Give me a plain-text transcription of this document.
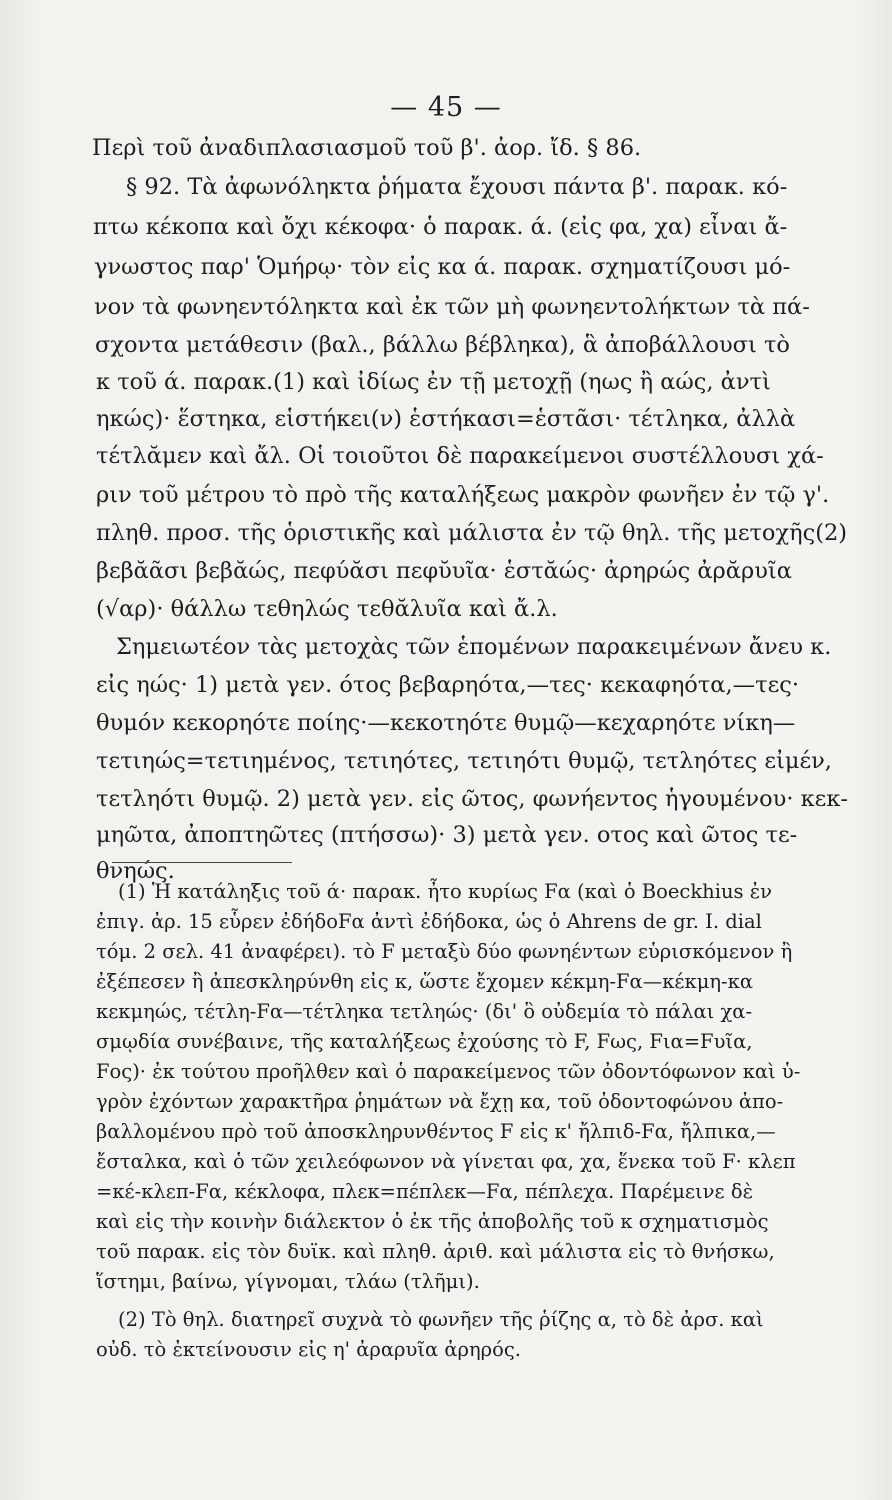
— 45 —
Περὶ τοῦ ἀναδιπλασιασμοῦ τοῦ β'. ἀορ. ἴδ. § 86.
§ 92. Τὰ ἀφωνόληκτα ῥήματα ἔχουσι πάντα β'. παρακ. κό-
πτω κέκοπα καὶ ὄχι κέκοφα· ὁ παρακ. ά. (εἰς φα, χα) εἶναι ἄ-
γνωστος παρ' Ὁμήρῳ· τὸν εἰς κα ά. παρακ. σχηματίζουσι μό-
νον τὰ φωνηεντόληκτα καὶ ἐκ τῶν μὴ φωνηεντολήκτων τὰ πά-
σχοντα μετάθεσιν (βαλ., βάλλω βέβληκα), ἃ ἀποβάλλουσι τὸ
κ τοῦ ά. παρακ.(1) καὶ ἰδίως ἐν τῇ μετοχῇ (ηως ἢ αώς, ἀντὶ
ηκώς)· ἕστηκα, εἱστήκει(ν) ἑστήκασι=ἑστᾶσι· τέτληκα, ἀλλὰ
τέτλᾰμεν καὶ ἄλ. Οἱ τοιοῦτοι δὲ παρακείμενοι συστέλλουσι χά-
ριν τοῦ μέτρου τὸ πρὸ τῆς καταλήξεως μακρὸν φωνῆεν ἐν τῷ γ'.
πληθ. προσ. τῆς ὁριστικῆς καὶ μάλιστα ἐν τῷ θηλ. τῆς μετοχῆς(2)
βεβᾰᾶσι βεβᾰώς, πεφύᾰσι πεφῠυῖα· ἑστᾰώς· ἀρηρώς ἀρᾰρυῖα
(√αρ)· θάλλω τεθηλώς τεθᾰλυῖα καὶ ἄ.λ.
Σημειωτέον τὰς μετοχὰς τῶν ἑπομένων παρακειμένων ἄνευ κ.
εἰς ηώς· 1) μετὰ γεν. ότος βεβαρηότα,—τες· κεκαφηότα,—τες·
θυμόν κεκορηότε ποίης·—κεκοτηότε θυμῷ—κεχαρηότε νίκη—
τετιηώς=τετιημένος, τετιηότες, τετιηότι θυμῷ, τετληότες εἰμέν,
τετληότι θυμῷ. 2) μετὰ γεν. εἰς ῶτος, φωνήεντος ἡγουμένου· κεκ-
μηῶτα, ἀποπτηῶτες (πτήσσω)· 3) μετὰ γεν. οτος καὶ ῶτος τε-
θνηώς.
(1) Ἡ κατάληξις τοῦ ά· παρακ. ἦτο κυρίως Fα (καὶ ὁ Boeckhius ἐν
ἐπιγ. ἀρ. 15 εὗρεν ἐδήδοFα ἀντὶ ἐδήδοκα, ὡς ὁ Ahrens de gr. I. dial
τόμ. 2 σελ. 41 ἀναφέρει). τὸ F μεταξὺ δύο φωνηέντων εὑρισκόμενον ἢ
ἐξέπεσεν ἢ ἀπεσκληρύνθη εἰς κ, ὥστε ἔχομεν κέκμη-Fα—κέκμη-κα
κεκμηώς, τέτλη-Fα—τέτληκα τετληώς· (δι' ὃ οὐδεμία τὸ πάλαι χα-
σμῳδία συνέβαινε, τῆς καταλήξεως ἐχούσης τὸ F, Fως, Fια=Fυῖα,
Fος)· ἐκ τούτου προῆλθεν καὶ ὁ παρακείμενος τῶν ὀδοντόφωνον καὶ ὑ-
γρὸν ἐχόντων χαρακτῆρα ῥημάτων νὰ ἔχῃ κα, τοῦ ὀδοντοφώνου ἀπο-
βαλλομένου πρὸ τοῦ ἀποσκληρυνθέντος F εἰς κ' ἤλπιδ-Fα, ἤλπικα,—
ἔσταλκα, καὶ ὁ τῶν χειλεόφωνον νὰ γίνεται φα, χα, ἕνεκα τοῦ F· κλεπ
=κέ-κλεπ-Fα, κέκλοφα, πλεκ=πέπλεκ—Fα, πέπλεχα. Παρέμεινε δὲ
καὶ εἰς τὴν κοινὴν διάλεκτον ὁ ἐκ τῆς ἀποβολῆς τοῦ κ σχηματισμὸς
τοῦ παρακ. εἰς τὸν δυϊκ. καὶ πληθ. ἀριθ. καὶ μάλιστα εἰς τὸ θνήσκω,
ἵστημι, βαίνω, γίγνομαι, τλάω (τλῆμι).
(2) Τὸ θηλ. διατηρεῖ συχνὰ τὸ φωνῆεν τῆς ῥίζης α, τὸ δὲ ἀρσ. καὶ
οὐδ. τὸ ἐκτείνουσιν εἰς η' ἀραρυῖα ἀρηρός.
